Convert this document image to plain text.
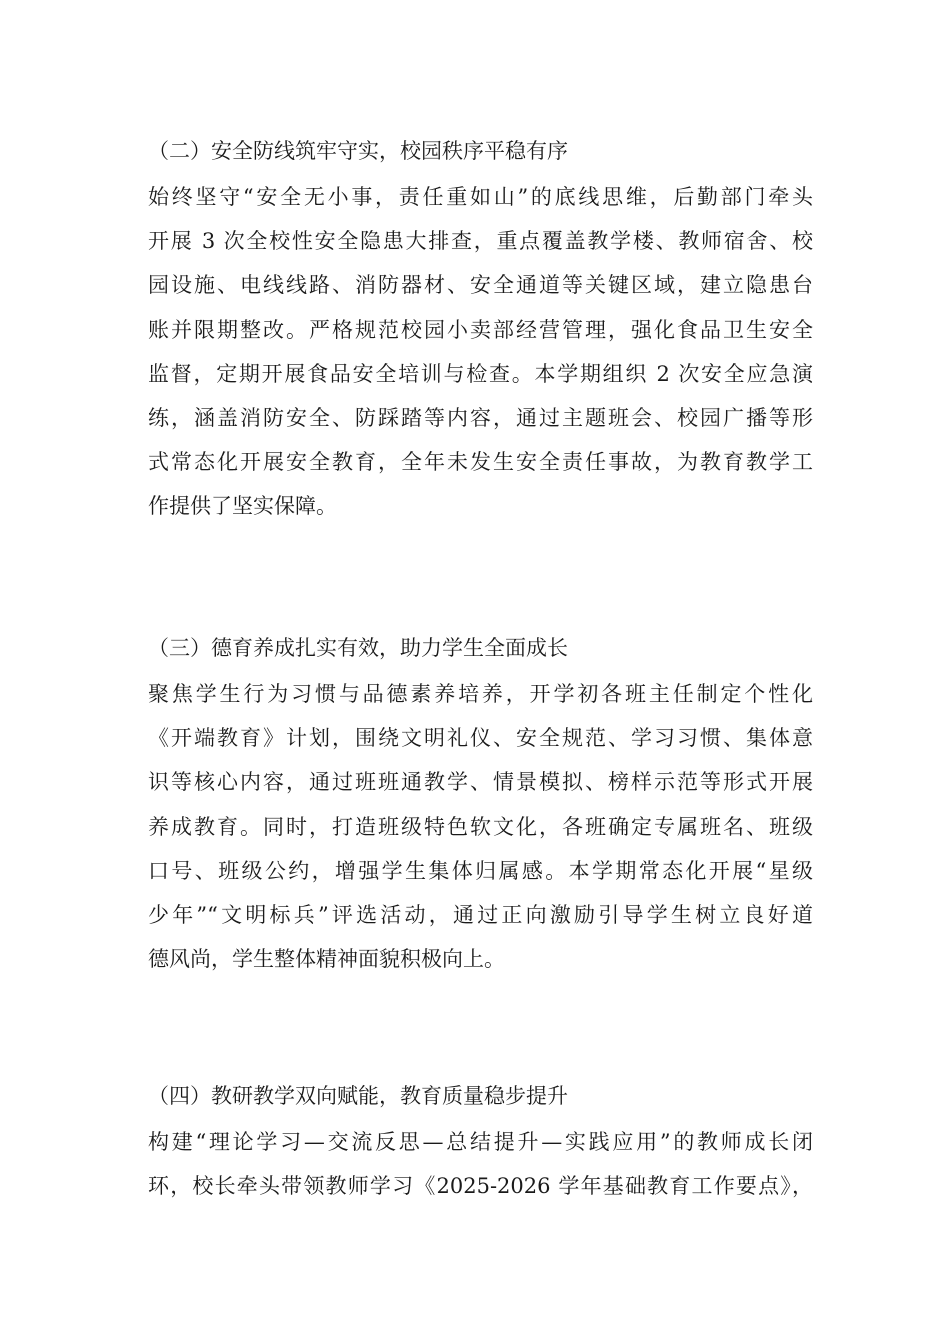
（二）安全防线筑牢守实，校园秩序平稳有序
始终坚守“安全无小事，责任重如山”的底线思维，后勤部门牵头
开展 3 次全校性安全隐患大排查，重点覆盖教学楼、教师宿舍、校
园设施、电线线路、消防器材、安全通道等关键区域，建立隐患台
账并限期整改。严格规范校园小卖部经营管理，强化食品卫生安全
监督，定期开展食品安全培训与检查。本学期组织 2 次安全应急演
练，涵盖消防安全、防踩踏等内容，通过主题班会、校园广播等形
式常态化开展安全教育，全年未发生安全责任事故，为教育教学工
作提供了坚实保障。
（三）德育养成扎实有效，助力学生全面成长
聚焦学生行为习惯与品德素养培养，开学初各班主任制定个性化
《开端教育》计划，围绕文明礼仪、安全规范、学习习惯、集体意
识等核心内容，通过班班通教学、情景模拟、榜样示范等形式开展
养成教育。同时，打造班级特色软文化，各班确定专属班名、班级
口号、班级公约，增强学生集体归属感。本学期常态化开展“星级
少年”“文明标兵”评选活动，通过正向激励引导学生树立良好道
德风尚，学生整体精神面貌积极向上。
（四）教研教学双向赋能，教育质量稳步提升
构建“理论学习—交流反思—总结提升—实践应用”的教师成长闭
环，校长牵头带领教师学习《2025-2026 学年基础教育工作要点》，
